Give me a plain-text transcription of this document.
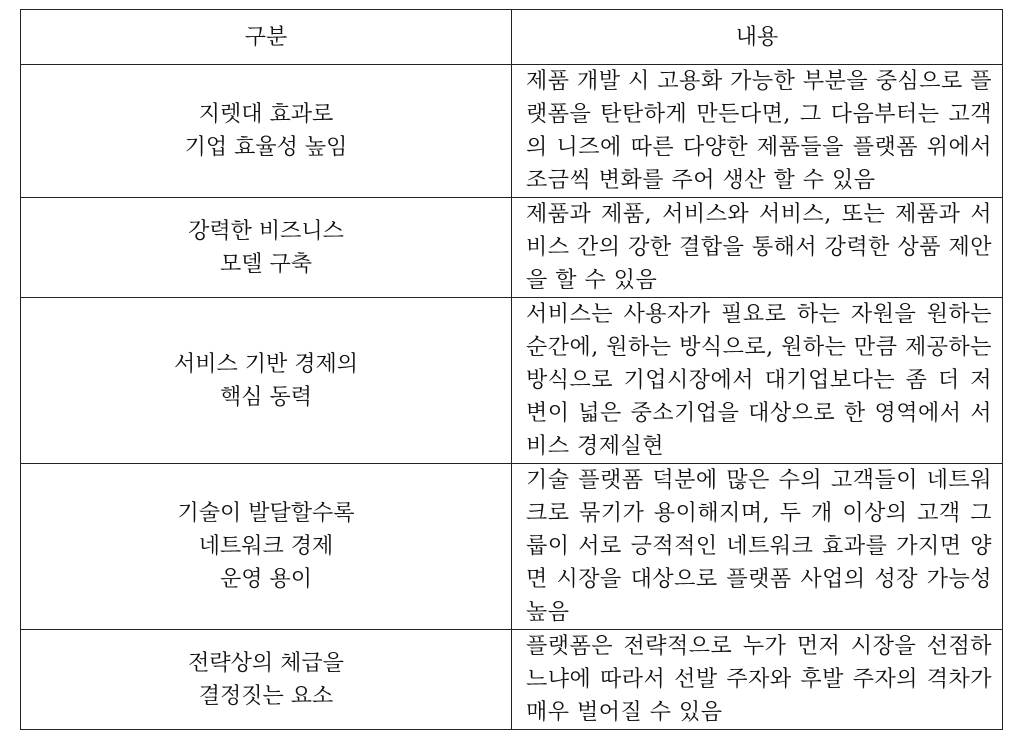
구분	내용

지렛대 효과로
기업 효율성 높임	제품 개발 시 고용화 가능한 부분을 중심으로 플랫폼을 탄탄하게 만든다면, 그 다음부터는 고객의 니즈에 따른 다양한 제품들을 플랫폼 위에서 조금씩 변화를 주어 생산 할 수 있음

강력한 비즈니스
모델 구축	제품과 제품, 서비스와 서비스, 또는 제품과 서비스 간의 강한 결합을 통해서 강력한 상품 제안을 할 수 있음

서비스 기반 경제의
핵심 동력	서비스는 사용자가 필요로 하는 자원을 원하는 순간에, 원하는 방식으로, 원하는 만큼 제공하는 방식으로 기업시장에서 대기업보다는 좀 더 저변이 넓은 중소기업을 대상으로 한 영역에서 서비스 경제실현

기술이 발달할수록
네트워크 경제
운영 용이	기술 플랫폼 덕분에 많은 수의 고객들이 네트워크로 묶기가 용이해지며, 두 개 이상의 고객 그룹이 서로 긍적적인 네트워크 효과를 가지면 양면 시장을 대상으로 플랫폼 사업의 성장 가능성 높음

전략상의 체급을
결정짓는 요소	플랫폼은 전략적으로 누가 먼저 시장을 선점하느냐에 따라서 선발 주자와 후발 주자의 격차가 매우 벌어질 수 있음
